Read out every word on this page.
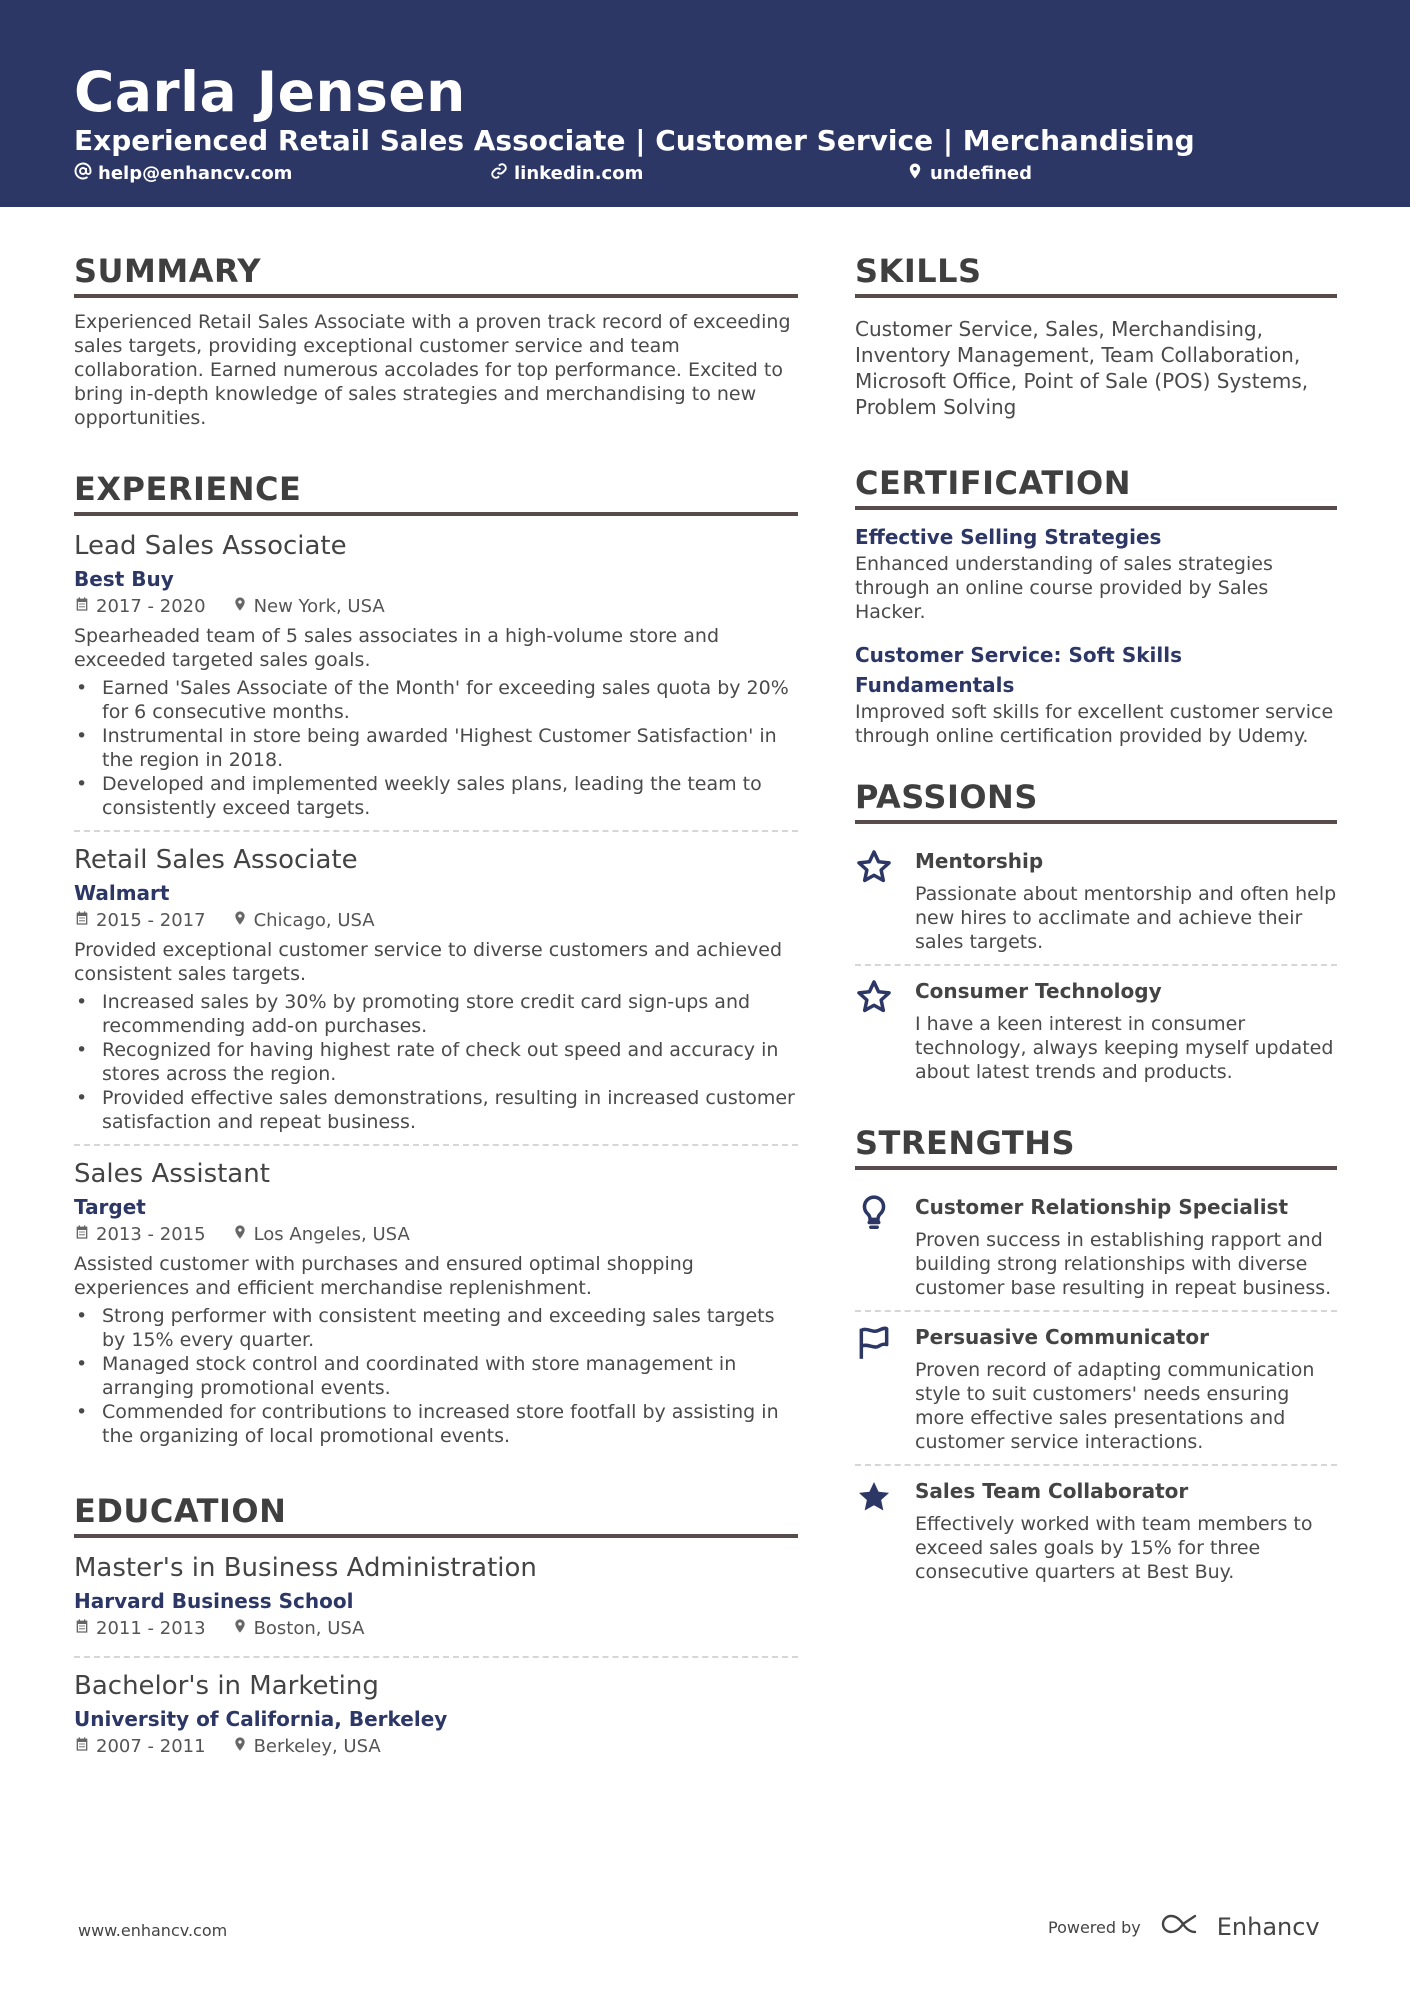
Carla Jensen
Experienced Retail Sales Associate | Customer Service | Merchandising
help@enhancv.com	linkedin.com	undefined
SUMMARY
Experienced Retail Sales Associate with a proven track record of exceeding sales targets, providing exceptional customer service and team collaboration. Earned numerous accolades for top performance. Excited to bring in-depth knowledge of sales strategies and merchandising to new opportunities.
EXPERIENCE
Lead Sales Associate
Best Buy
2017 - 2020	New York, USA
Spearheaded team of 5 sales associates in a high-volume store and exceeded targeted sales goals.
• Earned 'Sales Associate of the Month' for exceeding sales quota by 20% for 6 consecutive months.
• Instrumental in store being awarded 'Highest Customer Satisfaction' in the region in 2018.
• Developed and implemented weekly sales plans, leading the team to consistently exceed targets.
Retail Sales Associate
Walmart
2015 - 2017	Chicago, USA
Provided exceptional customer service to diverse customers and achieved consistent sales targets.
• Increased sales by 30% by promoting store credit card sign-ups and recommending add-on purchases.
• Recognized for having highest rate of check out speed and accuracy in stores across the region.
• Provided effective sales demonstrations, resulting in increased customer satisfaction and repeat business.
Sales Assistant
Target
2013 - 2015	Los Angeles, USA
Assisted customer with purchases and ensured optimal shopping experiences and efficient merchandise replenishment.
• Strong performer with consistent meeting and exceeding sales targets by 15% every quarter.
• Managed stock control and coordinated with store management in arranging promotional events.
• Commended for contributions to increased store footfall by assisting in the organizing of local promotional events.
EDUCATION
Master's in Business Administration
Harvard Business School
2011 - 2013	Boston, USA
Bachelor's in Marketing
University of California, Berkeley
2007 - 2011	Berkeley, USA
SKILLS
Customer Service, Sales, Merchandising, Inventory Management, Team Collaboration, Microsoft Office, Point of Sale (POS) Systems, Problem Solving
CERTIFICATION
Effective Selling Strategies
Enhanced understanding of sales strategies through an online course provided by Sales Hacker.
Customer Service: Soft Skills Fundamentals
Improved soft skills for excellent customer service through online certification provided by Udemy.
PASSIONS
Mentorship
Passionate about mentorship and often help new hires to acclimate and achieve their sales targets.
Consumer Technology
I have a keen interest in consumer technology, always keeping myself updated about latest trends and products.
STRENGTHS
Customer Relationship Specialist
Proven success in establishing rapport and building strong relationships with diverse customer base resulting in repeat business.
Persuasive Communicator
Proven record of adapting communication style to suit customers' needs ensuring more effective sales presentations and customer service interactions.
Sales Team Collaborator
Effectively worked with team members to exceed sales goals by 15% for three consecutive quarters at Best Buy.
www.enhancv.com	Powered by	Enhancv
